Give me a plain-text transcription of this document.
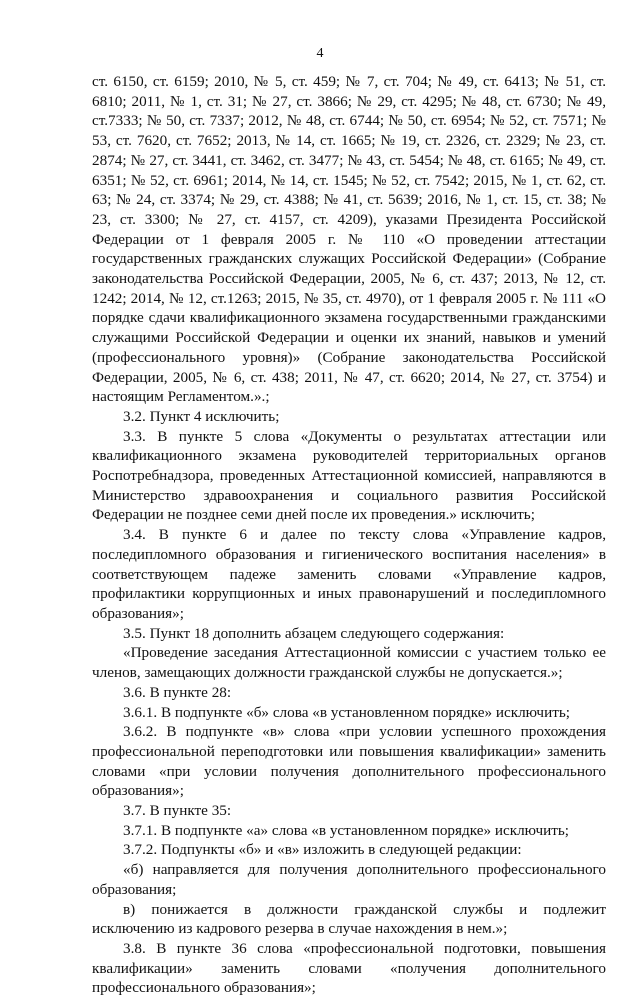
4

ст. 6150, ст. 6159; 2010, № 5, ст. 459; № 7, ст. 704; № 49, ст. 6413; № 51, ст. 6810; 2011, № 1, ст. 31; № 27, ст. 3866; № 29, ст. 4295; № 48, ст. 6730; № 49, ст.7333; № 50, ст. 7337; 2012, № 48, ст. 6744; № 50, ст. 6954; № 52, ст. 7571; № 53, ст. 7620, ст. 7652; 2013, № 14, ст. 1665; № 19, ст. 2326, ст. 2329; № 23, ст. 2874; № 27, ст. 3441, ст. 3462, ст. 3477; № 43, ст. 5454; № 48, ст. 6165; № 49, ст. 6351; № 52, ст. 6961; 2014, № 14, ст. 1545; № 52, ст. 7542; 2015, № 1, ст. 62, ст. 63; № 24, ст. 3374; № 29, ст. 4388; № 41, ст. 5639; 2016, № 1, ст. 15, ст. 38; № 23, ст. 3300; № 27, ст. 4157, ст. 4209), указами Президента Российской Федерации от 1 февраля 2005 г. № 110 «О проведении аттестации государственных гражданских служащих Российской Федерации» (Собрание законодательства Российской Федерации, 2005, № 6, ст. 437; 2013, № 12, ст. 1242; 2014, № 12, ст.1263; 2015, № 35, ст. 4970), от 1 февраля 2005 г. № 111 «О порядке сдачи квалификационного экзамена государственными гражданскими служащими Российской Федерации и оценки их знаний, навыков и умений (профессионального уровня)» (Собрание законодательства Российской Федерации, 2005, № 6, ст. 438; 2011, № 47, ст. 6620; 2014, № 27, ст. 3754) и настоящим Регламентом.».;

3.2. Пункт 4 исключить;

3.3. В пункте 5 слова «Документы о результатах аттестации или квалификационного экзамена руководителей территориальных органов Роспотребнадзора, проведенных Аттестационной комиссией, направляются в Министерство здравоохранения и социального развития Российской Федерации не позднее семи дней после их проведения.» исключить;

3.4. В пункте 6 и далее по тексту слова «Управление кадров, последипломного образования и гигиенического воспитания населения» в соответствующем падеже заменить словами «Управление кадров, профилактики коррупционных и иных правонарушений и последипломного образования»;

3.5. Пункт 18 дополнить абзацем следующего содержания:

«Проведение заседания Аттестационной комиссии с участием только ее членов, замещающих должности гражданской службы не допускается.»;

3.6. В пункте 28:

3.6.1. В подпункте «б» слова «в установленном порядке» исключить;

3.6.2. В подпункте «в» слова «при условии успешного прохождения профессиональной переподготовки или повышения квалификации» заменить словами «при условии получения дополнительного профессионального образования»;

3.7. В пункте 35:

3.7.1. В подпункте «а» слова «в установленном порядке» исключить;

3.7.2. Подпункты «б» и «в» изложить в следующей редакции:

«б) направляется для получения дополнительного профессионального образования;

в) понижается в должности гражданской службы и подлежит исключению из кадрового резерва в случае нахождения в нем.»;

3.8. В пункте 36 слова «профессиональной подготовки, повышения квалификации» заменить словами «получения дополнительного профессионального образования»;
